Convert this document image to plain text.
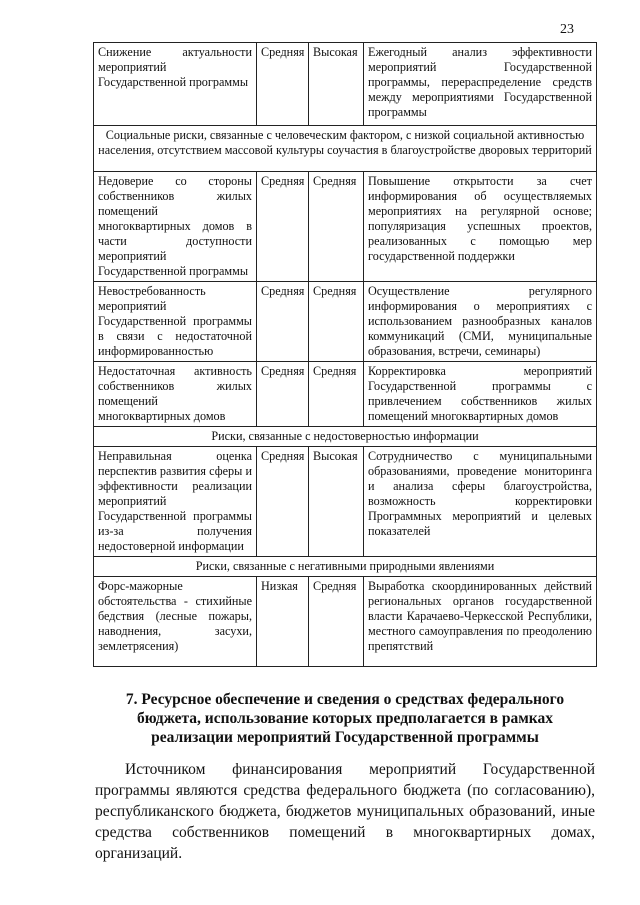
23
Снижение актуальности мероприятий Государственной программы	Средняя	Высокая	Ежегодный анализ эффективности мероприятий Государственной программы, перераспределение средств между мероприятиями Государственной программы
Социальные риски, связанные с человеческим фактором, с низкой социальной активностью населения, отсутствием массовой культуры соучастия в благоустройстве дворовых территорий			
Недоверие со стороны собственников жилых помещений многоквартирных домов в части доступности мероприятий Государственной программы	Средняя	Средняя	Повышение открытости за счет информирования об осуществляемых мероприятиях на регулярной основе; популяризация успешных проектов, реализованных с помощью мер государственной поддержки
Невостребованность мероприятий Государственной программы в связи с недостаточной информированностью	Средняя	Средняя	Осуществление регулярного информирования о мероприятиях с использованием разнообразных каналов коммуникаций (СМИ, муниципальные образования, встречи, семинары)
Недостаточная активность собственников жилых помещений многоквартирных домов	Средняя	Средняя	Корректировка мероприятий Государственной программы с привлечением собственников жилых помещений многоквартирных домов
Риски, связанные с недостоверностью информации			
Неправильная оценка перспектив развития сферы и эффективности реализации мероприятий Государственной программы из-за получения недостоверной информации	Средняя	Высокая	Сотрудничество с муниципальными образованиями, проведение мониторинга и анализа сферы благоустройства, возможность корректировки Программных мероприятий и целевых показателей
Риски, связанные с негативными природными явлениями			
Форс-мажорные обстоятельства - стихийные бедствия (лесные пожары, наводнения, засухи, землетрясения)	Низкая	Средняя	Выработка скоординированных действий региональных органов государственной власти Карачаево-Черкесской Республики, местного самоуправления по преодолению препятствий
7. Ресурсное обеспечение и сведения о средствах федерального бюджета, использование которых предполагается в рамках реализации мероприятий Государственной программы
Источником финансирования мероприятий Государственной программы являются средства федерального бюджета (по согласованию), республиканского бюджета, бюджетов муниципальных образований, иные средства собственников помещений в многоквартирных домах, организаций.
